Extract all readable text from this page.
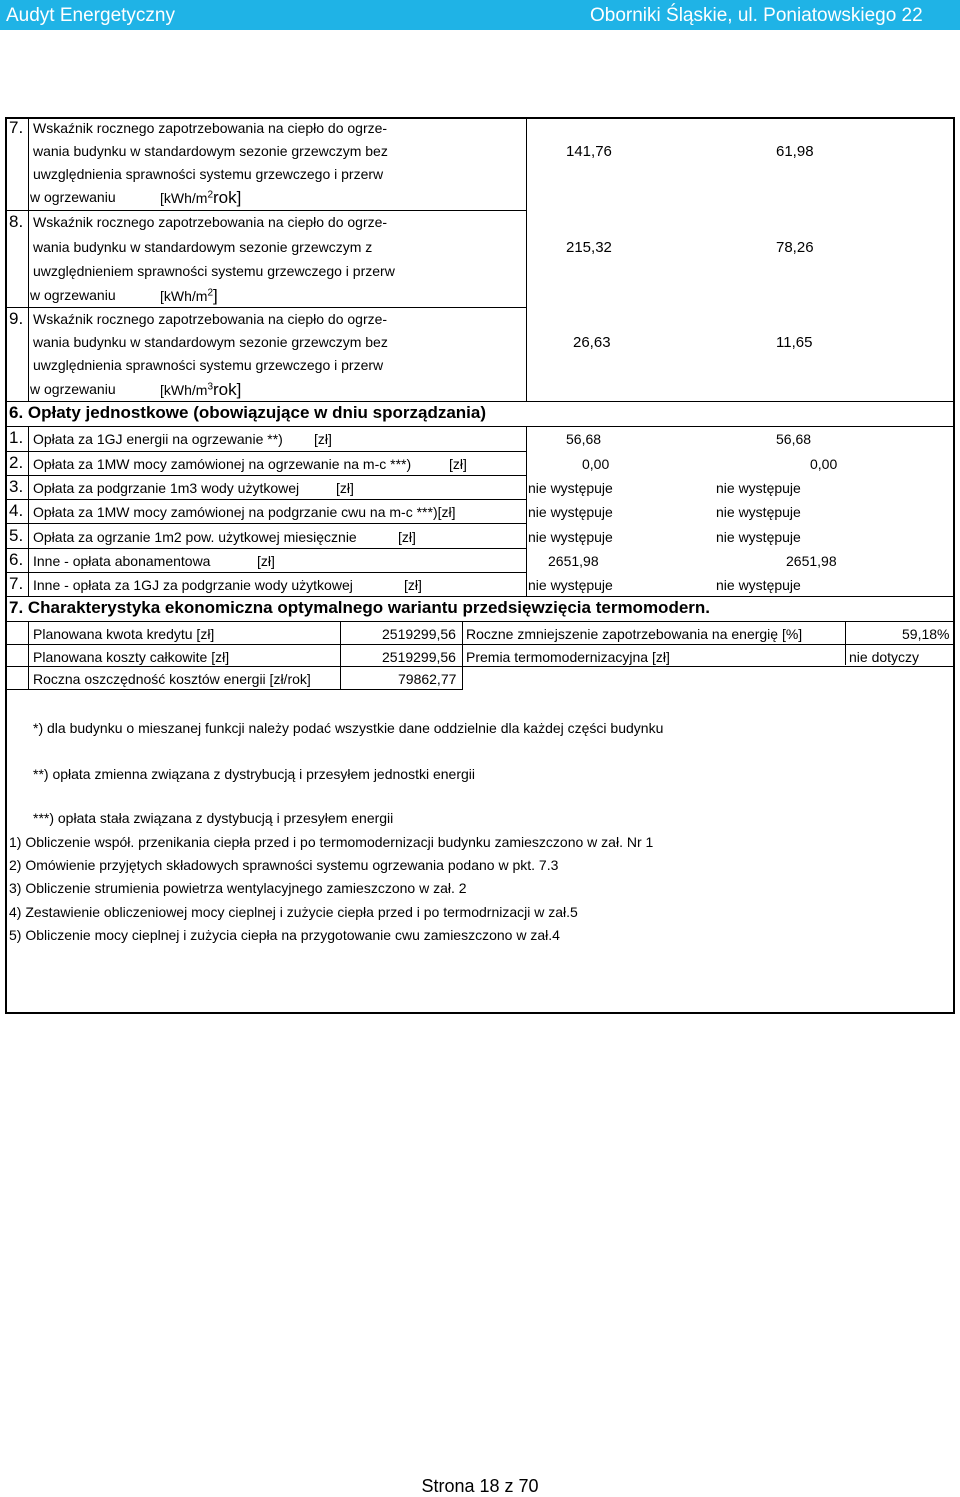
Audyt Energetyczny	Oborniki Śląskie, ul. Poniatowskiego 22
7. Wskaźnik rocznego zapotrzebowania na ciepło do ogrze-
wania budynku w standardowym sezonie grzewczym bez
uwzględnienia sprawności systemu grzewczego i przerw
w ogrzewaniu	$[kWh/m^2rok]$
141,76	61,98
8. Wskaźnik rocznego zapotrzebowania na ciepło do ogrze-
wania budynku w standardowym sezonie grzewczym z
uwzględnieniem sprawności systemu grzewczego i przerw
w ogrzewaniu	$[kWh/m^2]$
215,32	78,26
9. Wskaźnik rocznego zapotrzebowania na ciepło do ogrze-
wania budynku w standardowym sezonie grzewczym bez
uwzględnienia sprawności systemu grzewczego i przerw
w ogrzewaniu	$[kWh/m^3rok]$
26,63	11,65
6. Opłaty jednostkowe (obowiązujące w dniu sporządzania)
1. Opłata za 1GJ energii na ogrzewanie **) [zł]	56,68	56,68
2. Opłata za 1MW mocy zamówionej na ogrzewanie na m-c ***)	[zł]	0,00	0,00
3. Opłata za podgrzanie 1m3 wody użytkowej	[zł]	nie występuje	nie występuje
4. Opłata za 1MW mocy zamówionej na podgrzanie cwu na m-c ***)[zł]	nie występuje	nie występuje
5. Opłata za ogrzanie 1m2 pow. użytkowej miesięcznie	[zł]	nie występuje	nie występuje
6. Inne - opłata abonamentowa	[zł]	2651,98	2651,98
7. Inne - opłata za 1GJ za podgrzanie wody użytkowej	[zł]	nie występuje	nie występuje
7. Charakterystyka ekonomiczna optymalnego wariantu przedsięwzięcia termomodern.
Planowana kwota kredytu [zł]	2519299,56 Roczne zmniejszenie zapotrzebowania na energię [%]	59,18%
Planowana koszty całkowite [zł]	2519299,56 Premia termomodernizacyjna [zł]	nie dotyczy
Roczna oszczędność kosztów energii [zł/rok]	79862,77
*) dla budynku o mieszanej funkcji należy podać wszystkie dane oddzielnie dla każdej części budynku
**) opłata zmienna związana z dystrybucją i przesyłem jednostki energii
***) opłata stała związana z dystybucją i przesyłem energii
1) Obliczenie współ. przenikania ciepła przed i po termomodernizacji budynku zamieszczono w zał. Nr 1
2) Omówienie przyjętych składowych sprawności systemu ogrzewania podano w pkt. 7.3
3) Obliczenie strumienia powietrza wentylacyjnego zamieszczono w zał. 2
4) Zestawienie obliczeniowej mocy cieplnej i zużycie ciepła przed i po termodrnizacji w zał.5
5) Obliczenie mocy cieplnej i zużycia ciepła na przygotowanie cwu zamieszczono w zał.4
Strona 18 z 70
